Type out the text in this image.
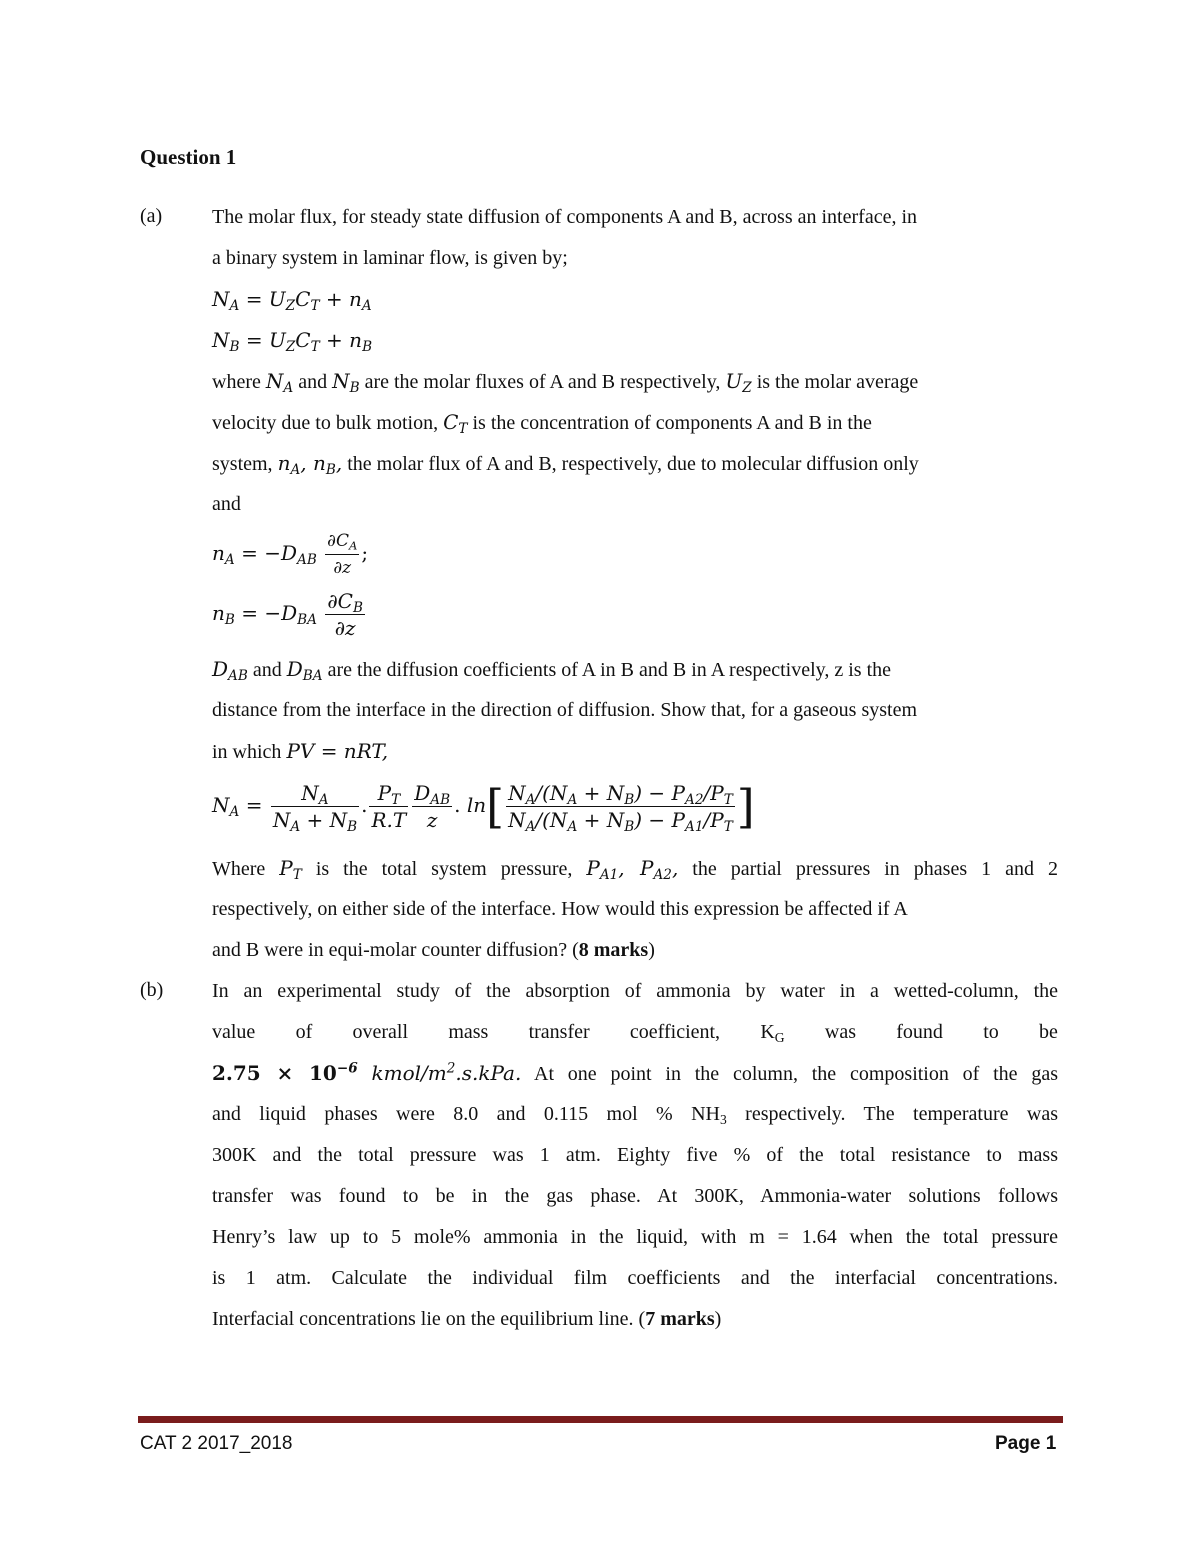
Question 1
(a) The molar flux, for steady state diffusion of components A and B, across an interface, in
a binary system in laminar flow, is given by;
$N_A = U_ZC_T + n_A$
$N_B = U_ZC_T + n_B$
where $N_A$ and $N_B$ are the molar fluxes of A and B respectively, $U_Z$ is the molar average
velocity due to bulk motion, $C_T$ is the concentration of components A and B in the
system, $n_A$, $n_B$, the molar flux of A and B, respectively, due to molecular diffusion only
and
$n_A = -D_{AB} \frac{\partial C_A}{\partial z}$ ;
$n_B = -D_{BA} \frac{\partial C_B}{\partial z}$
$D_{AB}$ and $D_{BA}$ are the diffusion coefficients of A in B and B in A respectively, z is the
distance from the interface in the direction of diffusion. Show that, for a gaseous system
in which PV = nRT,
$N_A = \frac{N_A}{N_A + N_B}$ . $\frac{P_T}{R.T} \frac{D_{AB}}{z}$ . $\ln[ \frac{N_A/(N_A + N_B) - P_{A2}/P_T}{N_A/(N_A + N_B) - P_{A1}/P_T}$ ]
Where $P_T$ is the total system pressure, $P_{A1}$, $P_{A2}$, the partial pressures in phases 1 and 2
respectively, on either side of the interface. How would this expression be affected if A
and B were in equi-molar counter diffusion? (8 marks)
(b) In an experimental study of the absorption of ammonia by water in a wetted-column, the
value of overall mass transfer coefficient, $K_G$ was found to be
$2.75 \times 10^{-6}$ kmol/$m^2.s.kPa$. At one point in the column, the composition of the gas
and liquid phases were 8.0 and 0.115 mol % $NH_3$ respectively. The temperature was
300K and the total pressure was 1 atm. Eighty five % of the total resistance to mass
transfer was found to be in the gas phase. At 300K, Ammonia-water solutions follows
Henry’s law up to 5 mole% ammonia in the liquid, with m = 1.64 when the total pressure
is 1 atm. Calculate the individual film coefficients and the interfacial concentrations.
Interfacial concentrations lie on the equilibrium line. (7 marks)
CAT 2 2017_2018	Page 1
